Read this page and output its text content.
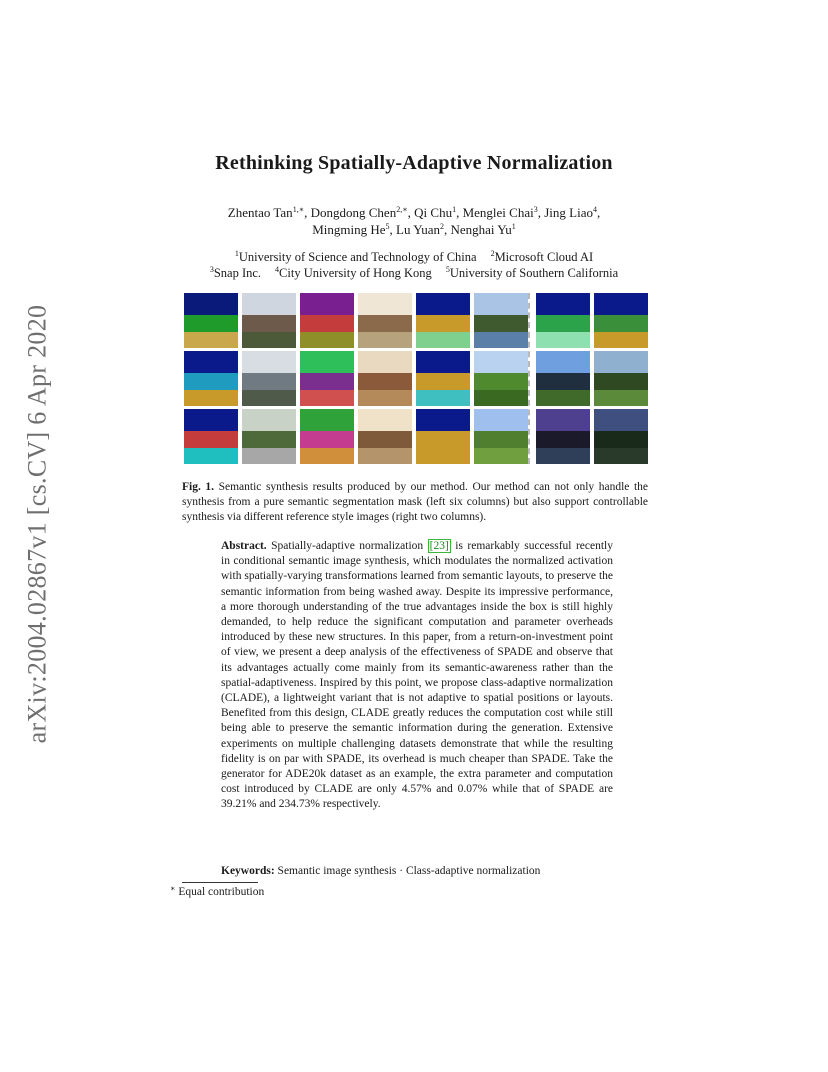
arXiv:2004.02867v1 [cs.CV] 6 Apr 2020
Rethinking Spatially-Adaptive Normalization
Zhentao Tan$^{1,∗}$, Dongdong Chen$^{2,∗}$, Qi Chu$^1$, Menglei Chai$^3$, Jing Liao$^4$,
Mingming He$^5$, Lu Yuan$^2$, Nenghai Yu$^1$
$^1$University of Science and Technology of China $^2$Microsoft Cloud AI
$^3$Snap Inc. $^4$City University of Hong Kong $^5$University of Southern California
Fig. 1. Semantic synthesis results produced by our method. Our method can not only handle the synthesis from a pure semantic segmentation mask (left six columns) but also support controllable synthesis via different reference style images (right two columns).
Abstract. Spatially-adaptive normalization [23] is remarkably successful recently in conditional semantic image synthesis, which modulates the normalized activation with spatially-varying transformations learned from semantic layouts, to preserve the semantic information from being washed away. Despite its impressive performance, a more thorough understanding of the true advantages inside the box is still highly demanded, to help reduce the significant computation and parameter overheads introduced by these new structures. In this paper, from a return-on-investment point of view, we present a deep analysis of the effectiveness of SPADE and observe that its advantages actually come mainly from its semantic-awareness rather than the spatial-adaptiveness. Inspired by this point, we propose class-adaptive normalization (CLADE), a lightweight variant that is not adaptive to spatial positions or layouts. Benefited from this design, CLADE greatly reduces the computation cost while still being able to preserve the semantic information during the generation. Extensive experiments on multiple challenging datasets demonstrate that while the resulting fidelity is on par with SPADE, its overhead is much cheaper than SPADE. Take the generator for ADE20k dataset as an example, the extra parameter and computation cost introduced by CLADE are only 4.57% and 0.07% while that of SPADE are 39.21% and 234.73% respectively.
Keywords: Semantic image synthesis · Class-adaptive normalization
∗ Equal contribution
